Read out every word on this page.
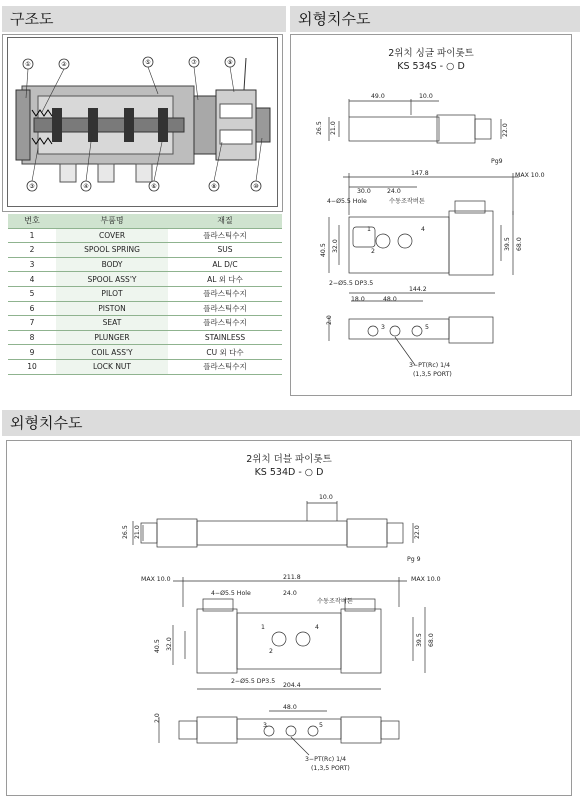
구조도	외형치수도
외형치수도
①	②
③	④
⑤
⑥
⑦
⑧
⑨
⑩
번호	부품명	재질
1	COVER	플라스틱수지
2	SPOOL SPRING	SUS
3	BODY	AL D/C
4	SPOOL ASS'Y	AL 외 다수
5	PILOT	플라스틱수지
6	PISTON	플라스틱수지
7	SEAT	플라스틱수지
8	PLUNGER	STAINLESS
9	COIL ASS'Y	CU 외 다수
10	LOCK NUT	플라스틱수지
2위치 싱글 파이롯트
KS 534S - ○ D
49.0	10.0
26.5 21.0	22.0
Pg9
147.8	MAX 10.0
30.0	24.0
4−Ø5.5 Hole	수동조작버튼
40.5 32.0	39.5 68.0
2−Ø5.5 DP3.5
144.2
18.0	48.0
2.0
3−PT(Rc) 1/4
(1,3,5 PORT)
1
2
3
4
5
2위치 더블 파이롯트
KS 534D - ○ D
10.0
26.5 21.0	22.0
Pg 9
MAX 10.0	211.8	MAX 10.0
4−Ø5.5 Hole	24.0
수동조작버튼
40.5 32.0	39.5 68.0
2−Ø5.5 DP3.5
204.4
48.0
2.0
3−PT(Rc) 1/4
(1,3,5 PORT)
1
2
3
4
5
